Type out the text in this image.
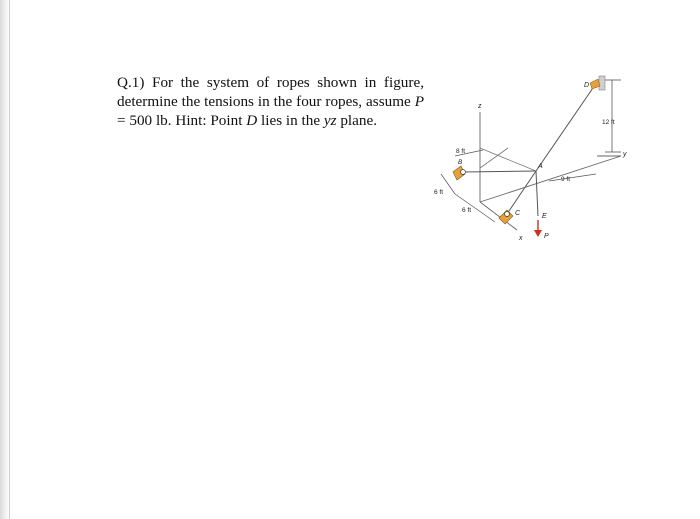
Q.1) For the system of ropes shown in figure, determine the tensions in the four ropes, assume P = 500 lb. Hint: Point D lies in the yz plane.
z
y
x
12 ft
9 ft
8 ft
6 ft
6 ft
A
B
C
D
E
P
